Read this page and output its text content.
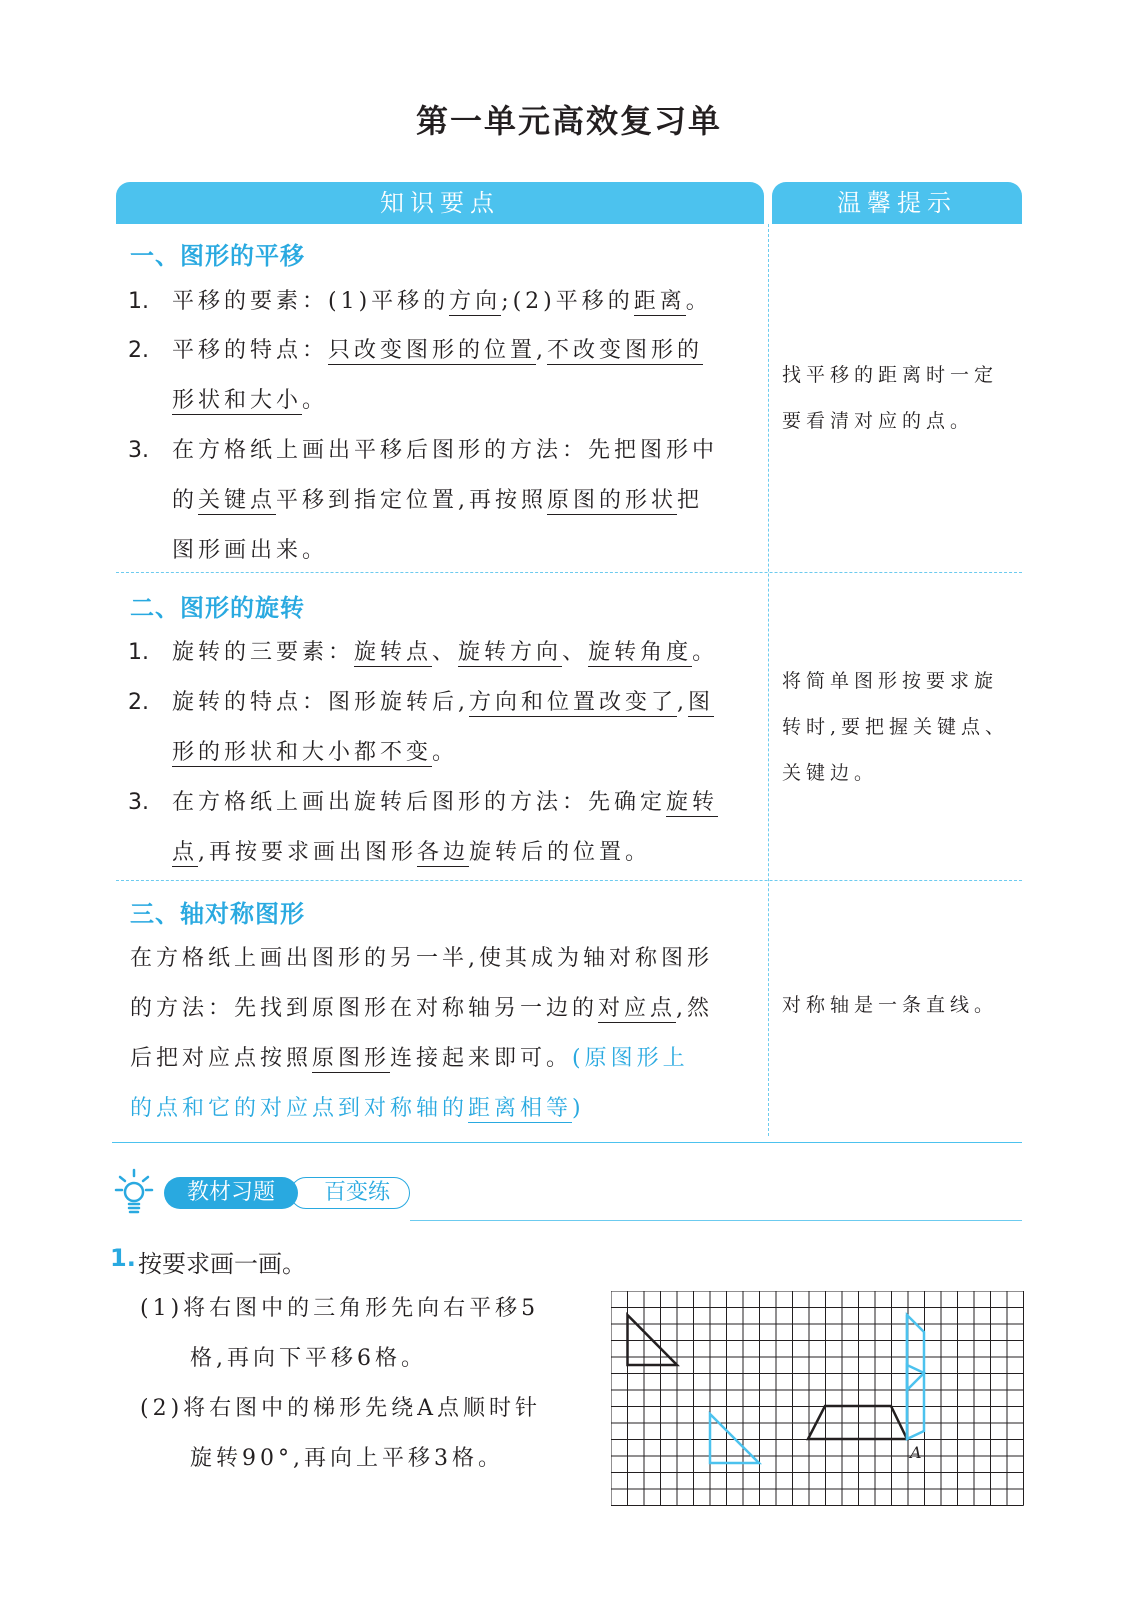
第一单元高效复习单
知识要点	温馨提示
一、图形的平移
1. 平移的要素：(1)平移的方向;(2)平移的距离。
2. 平移的特点：只改变图形的位置,不改变图形的
形状和大小。
3. 在方格纸上画出平移后图形的方法：先把图形中
的关键点平移到指定位置,再按照原图的形状把
图形画出来。
找平移的距离时一定
要看清对应的点。
二、图形的旋转
1. 旋转的三要素：旋转点、旋转方向、旋转角度。
2. 旋转的特点：图形旋转后,方向和位置改变了,图
形的形状和大小都不变。
3. 在方格纸上画出旋转后图形的方法：先确定旋转
点,再按要求画出图形各边旋转后的位置。
将简单图形按要求旋
转时,要把握关键点、
关键边。
三、轴对称图形
在方格纸上画出图形的另一半,使其成为轴对称图形
的方法：先找到原图形在对称轴另一边的对应点,然
后把对应点按照原图形连接起来即可。(原图形上
的点和它的对应点到对称轴的距离相等)
对称轴是一条直线。
百变练
教材习题
1. 按要求画一画。
(1)将右图中的三角形先向右平移5
格,再向下平移6格。
(2)将右图中的梯形先绕A点顺时针
旋转90°,再向上平移3格。	A
